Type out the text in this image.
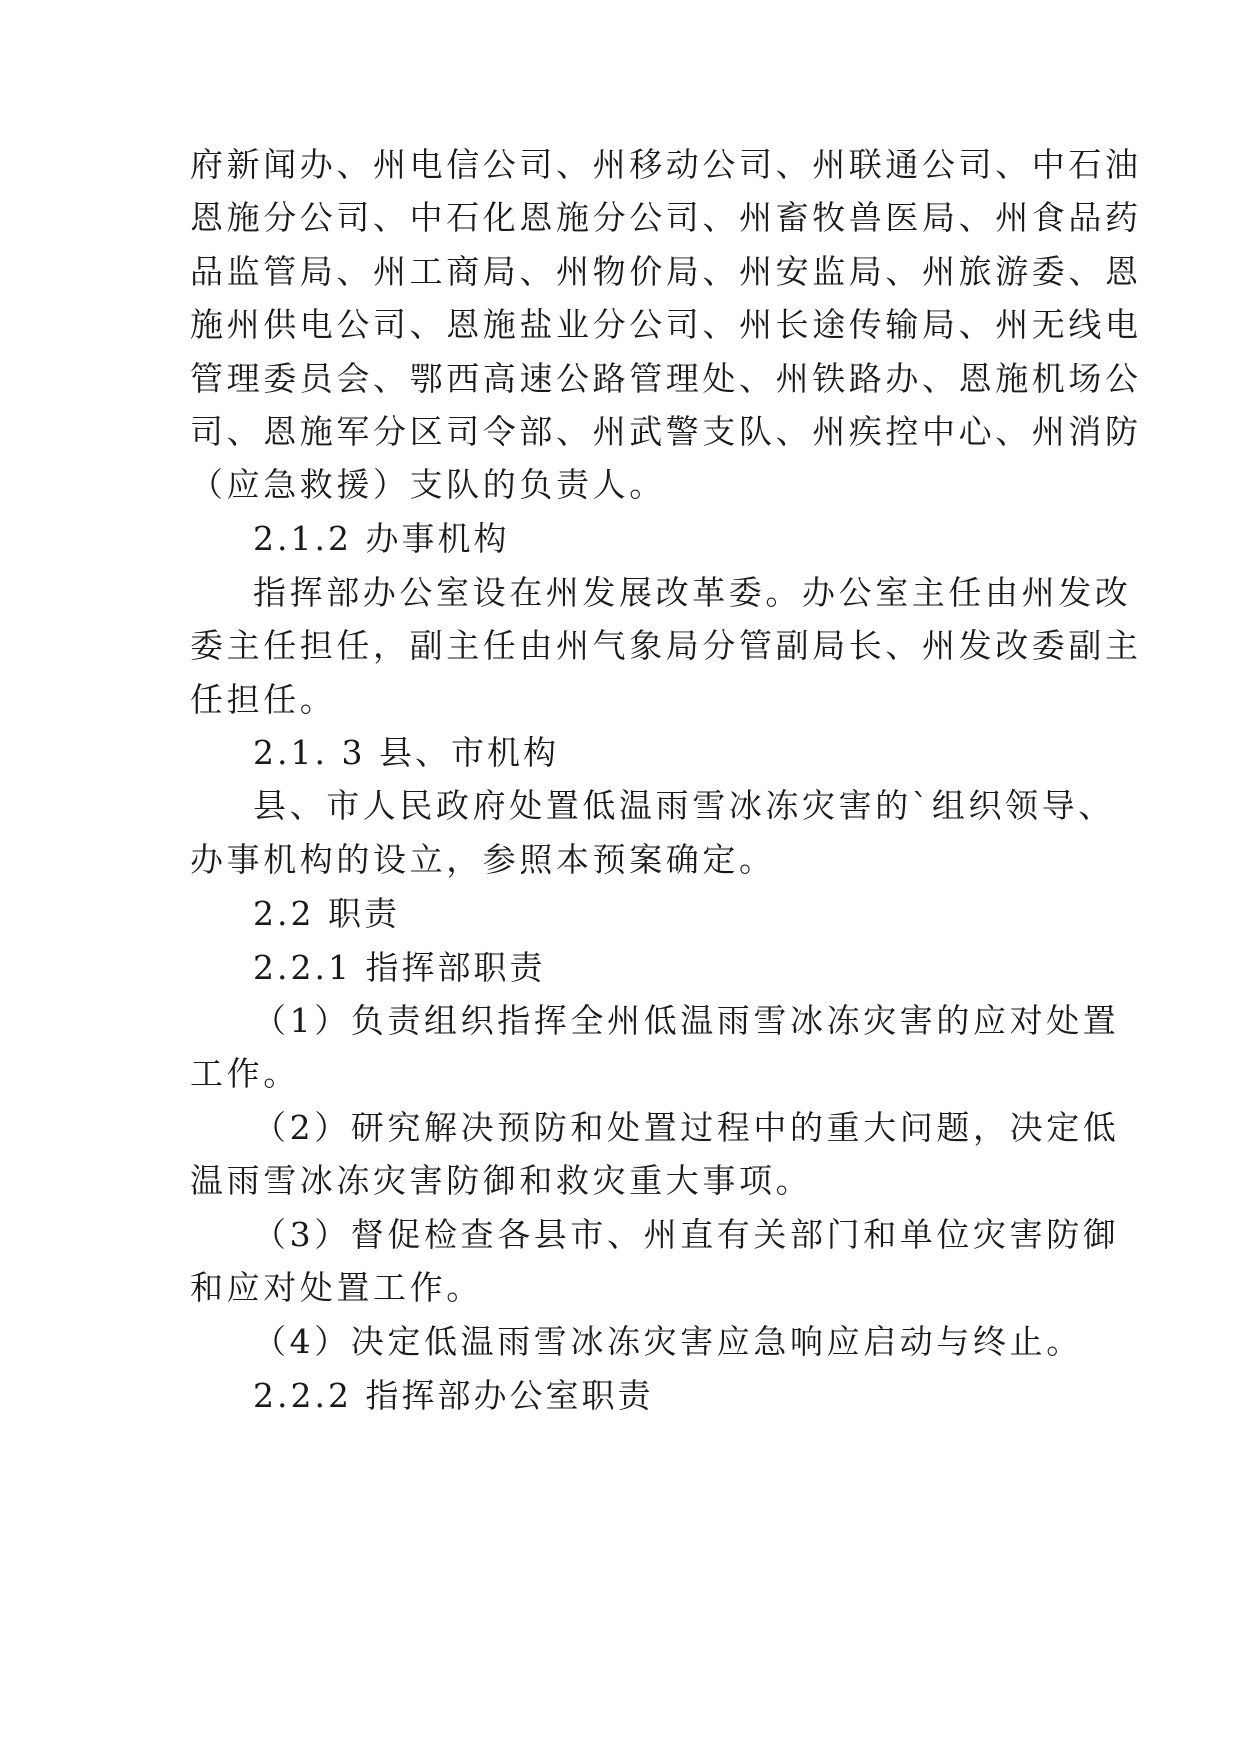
府新闻办、州电信公司、州移动公司、州联通公司、中石油
恩施分公司、中石化恩施分公司、州畜牧兽医局、州食品药
品监管局、州工商局、州物价局、州安监局、州旅游委、恩
施州供电公司、恩施盐业分公司、州长途传输局、州无线电
管理委员会、鄂西高速公路管理处、州铁路办、恩施机场公
司、恩施军分区司令部、州武警支队、州疾控中心、州消防
（应急救援）支队的负责人。
2.1.2 办事机构
指挥部办公室设在州发展改革委。办公室主任由州发改
委主任担任，副主任由州气象局分管副局长、州发改委副主
任担任。
2.1. 3 县、市机构
县、市人民政府处置低温雨雪冰冻灾害的`组织领导、
办事机构的设立，参照本预案确定。
2.2 职责
2.2.1 指挥部职责
（1）负责组织指挥全州低温雨雪冰冻灾害的应对处置
工作。
（2）研究解决预防和处置过程中的重大问题，决定低
温雨雪冰冻灾害防御和救灾重大事项。
（3）督促检查各县市、州直有关部门和单位灾害防御
和应对处置工作。
（4）决定低温雨雪冰冻灾害应急响应启动与终止。
2.2.2 指挥部办公室职责
